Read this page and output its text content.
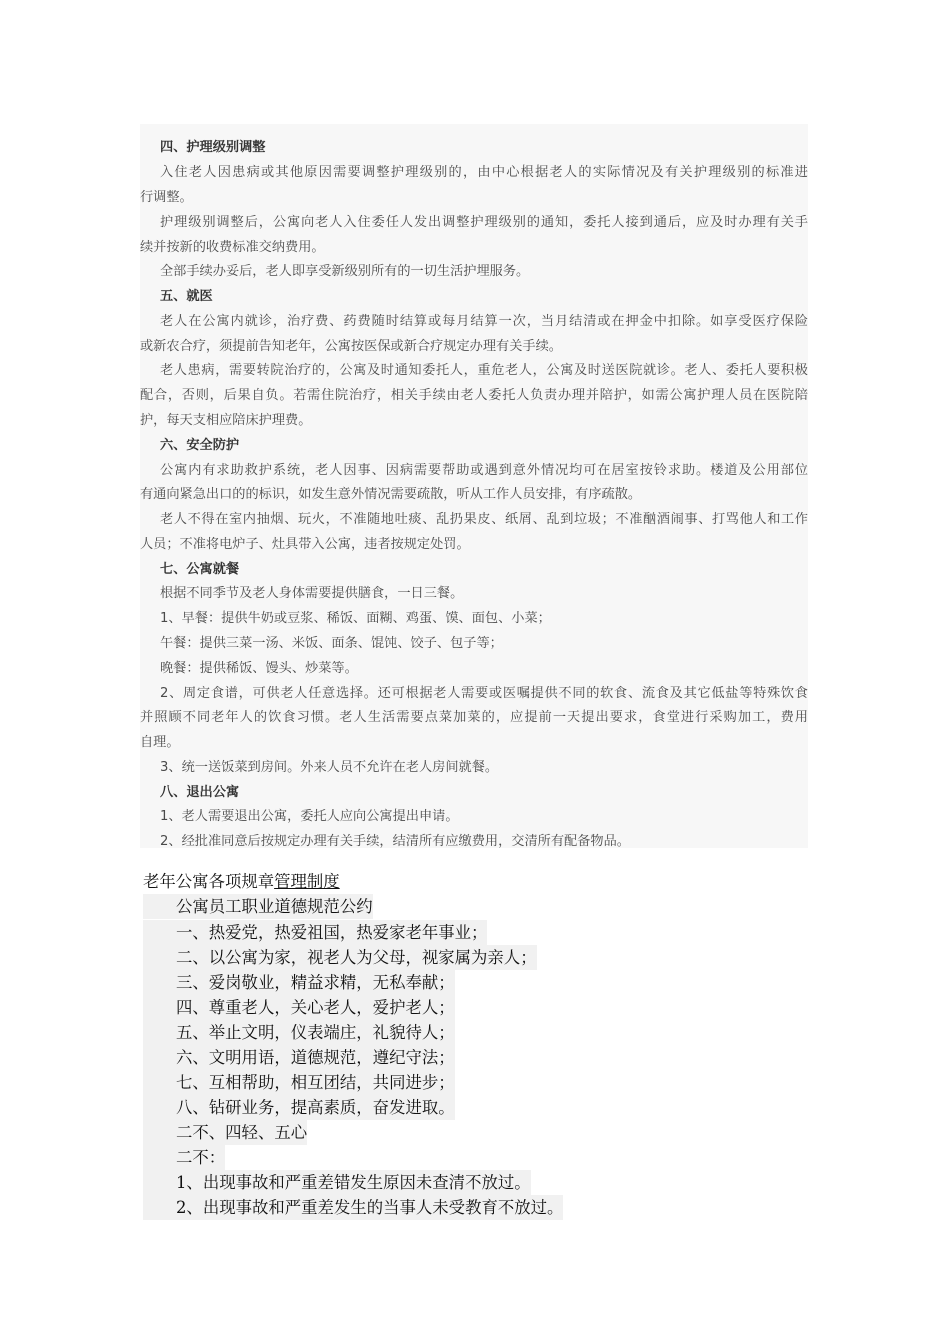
四、护理级别调整
入住老人因患病或其他原因需要调整护理级别的，由中心根据老人的实际情况及有关护理级别的标准进
行调整。
护理级别调整后，公寓向老人入住委任人发出调整护理级别的通知，委托人接到通后，应及时办理有关手
续并按新的收费标准交纳费用。
全部手续办妥后，老人即享受新级别所有的一切生活护埋服务。
五、就医
老人在公寓内就诊，治疗费、药费随时结算或每月结算一次，当月结清或在押金中扣除。如享受医疗保险
或新农合疗，须提前告知老年，公寓按医保或新合疗规定办理有关手续。
老人患病，需要转院治疗的，公寓及时通知委托人，重危老人，公寓及时送医院就诊。老人、委托人要积极
配合，否则，后果自负。若需住院治疗，相关手续由老人委托人负责办理并陪护，如需公寓护理人员在医院陪
护，每天支相应陪床护理费。
六、安全防护
公寓内有求助救护系统，老人因事、因病需要帮助或遇到意外情况均可在居室按铃求助。楼道及公用部位
有通向紧急出口的的标识，如发生意外情况需要疏散，听从工作人员安排，有序疏散。
老人不得在室内抽烟、玩火，不准随地吐痰、乱扔果皮、纸屑、乱到垃圾；不准酗酒闹事、打骂他人和工作
人员；不准将电炉子、灶具带入公寓，违者按规定处罚。
七、公寓就餐
根据不同季节及老人身体需要提供膳食，一日三餐。
1、早餐：提供牛奶或豆浆、稀饭、面糊、鸡蛋、馍、面包、小菜；
午餐：提供三菜一汤、米饭、面条、馄饨、饺子、包子等；
晚餐：提供稀饭、馒头、炒菜等。
2、周定食谱，可供老人任意选择。还可根据老人需要或医嘱提供不同的软食、流食及其它低盐等特殊饮食
并照顾不同老年人的饮食习惯。老人生活需要点菜加菜的，应提前一天提出要求，食堂进行采购加工，费用
自理。
3、统一送饭菜到房间。外来人员不允许在老人房间就餐。
八、退出公寓
1、老人需要退出公寓，委托人应向公寓提出申请。
2、经批准同意后按规定办理有关手续，结清所有应缴费用，交清所有配备物品。
老年公寓各项规章管理制度
公寓员工职业道德规范公约
一、热爱党，热爱祖国，热爱家老年事业；
二、以公寓为家，视老人为父母，视家属为亲人；
三、爱岗敬业，精益求精，无私奉献；
四、尊重老人，关心老人，爱护老人；
五、举止文明，仪表端庄，礼貌待人；
六、文明用语，道德规范，遵纪守法；
七、互相帮助，相互团结，共同进步；
八、钻研业务，提高素质，奋发进取。
二不、四轻、五心
二不：
1、出现事故和严重差错发生原因未查清不放过。
2、出现事故和严重差发生的当事人未受教育不放过。
